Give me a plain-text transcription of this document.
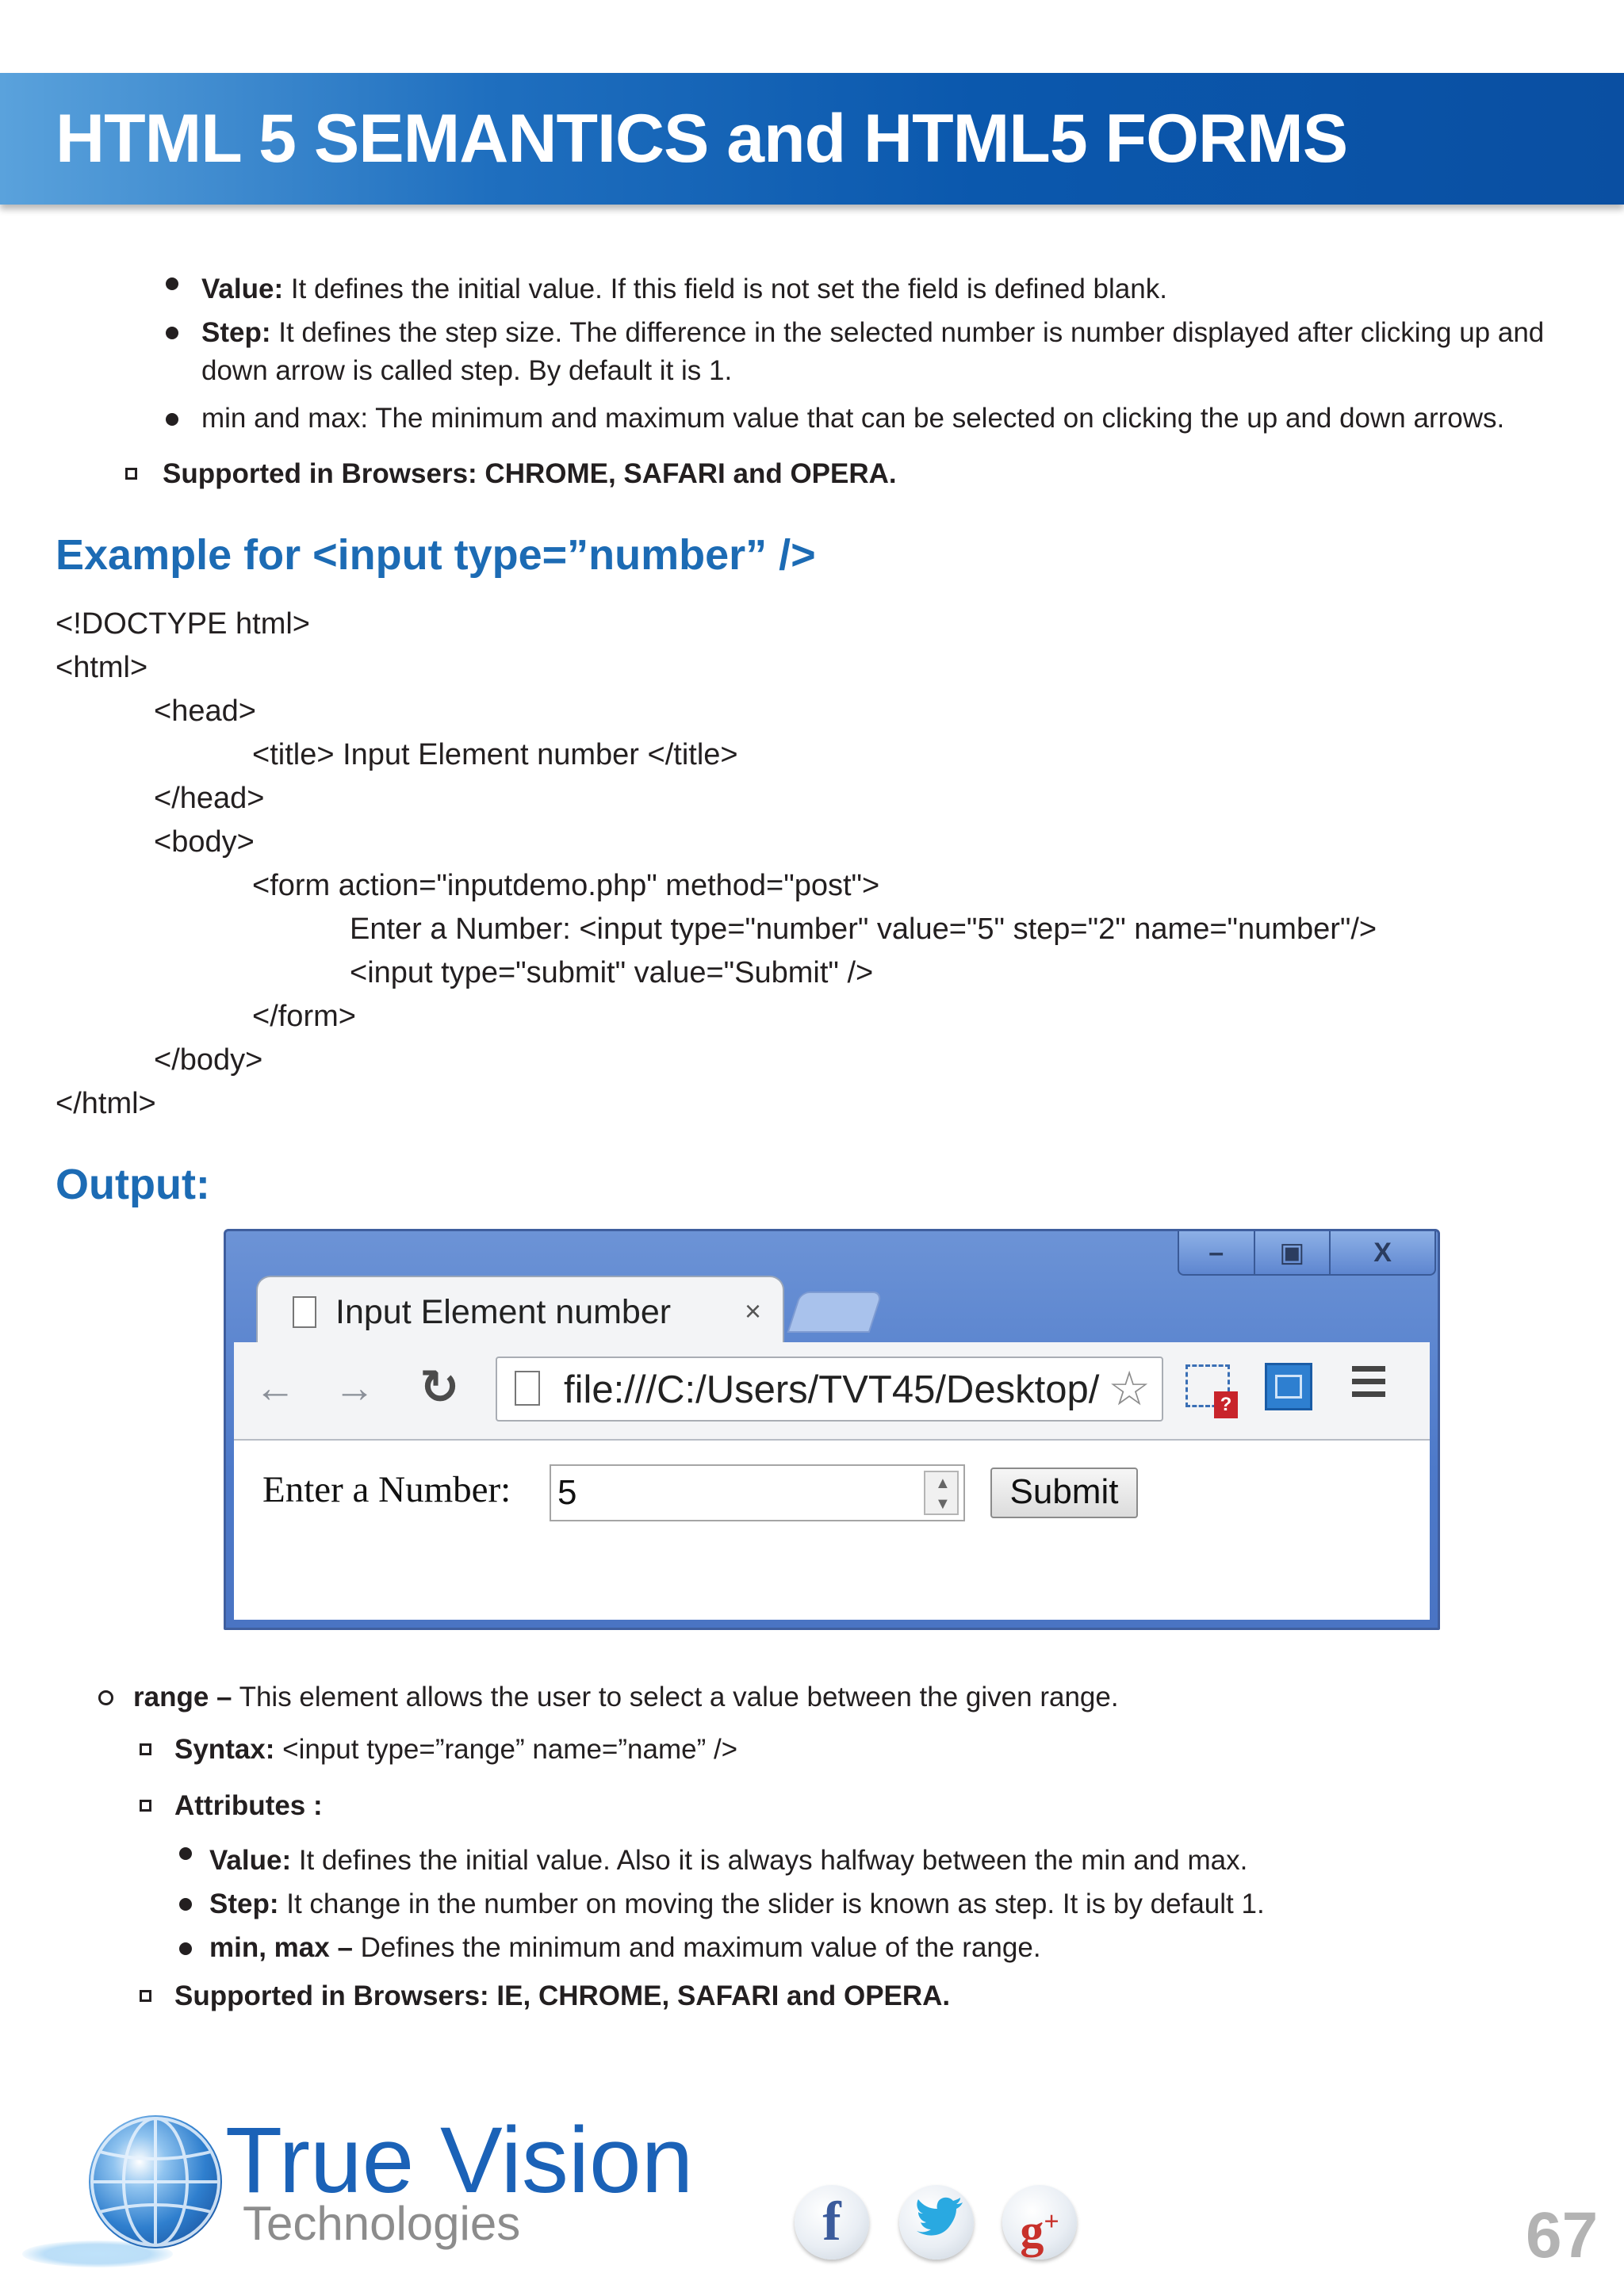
HTML 5 SEMANTICS and HTML5 FORMS
Value: It defines the initial value. If this field is not set the field is defined blank.
Step: It defines the step size. The difference in the selected number is number displayed after clicking up and down arrow is called step. By default it is 1.
min and max: The minimum and maximum value that can be selected on clicking the up and down arrows.
Supported in Browsers: CHROME, SAFARI and OPERA.
Example for <input type=”number” />
<!DOCTYPE html>
<html>
<head>
<title> Input Element number </title>
</head>
<body>
<form action="inputdemo.php" method="post">
Enter a Number: <input type="number" value="5" step="2" name="number"/>
<input type="submit" value="Submit" />
</form>
</body>
</html>
Output:
–	▣	X
Input Element number	×
← → ↻	file:///C:/Users/TVT45/Desktop/ ☆	?
Enter a Number: 5	▲
▼	Submit
range – This element allows the user to select a value between the given range.
Syntax: <input type=”range” name=”name” />
Attributes :
Value: It defines the initial value. Also it is always halfway between the min and max.
Step: It change in the number on moving the slider is known as step. It is by default 1.
min, max – Defines the minimum and maximum value of the range.
Supported in Browsers: IE, CHROME, SAFARI and OPERA.
True Vision
Technologies	f	g+	67
